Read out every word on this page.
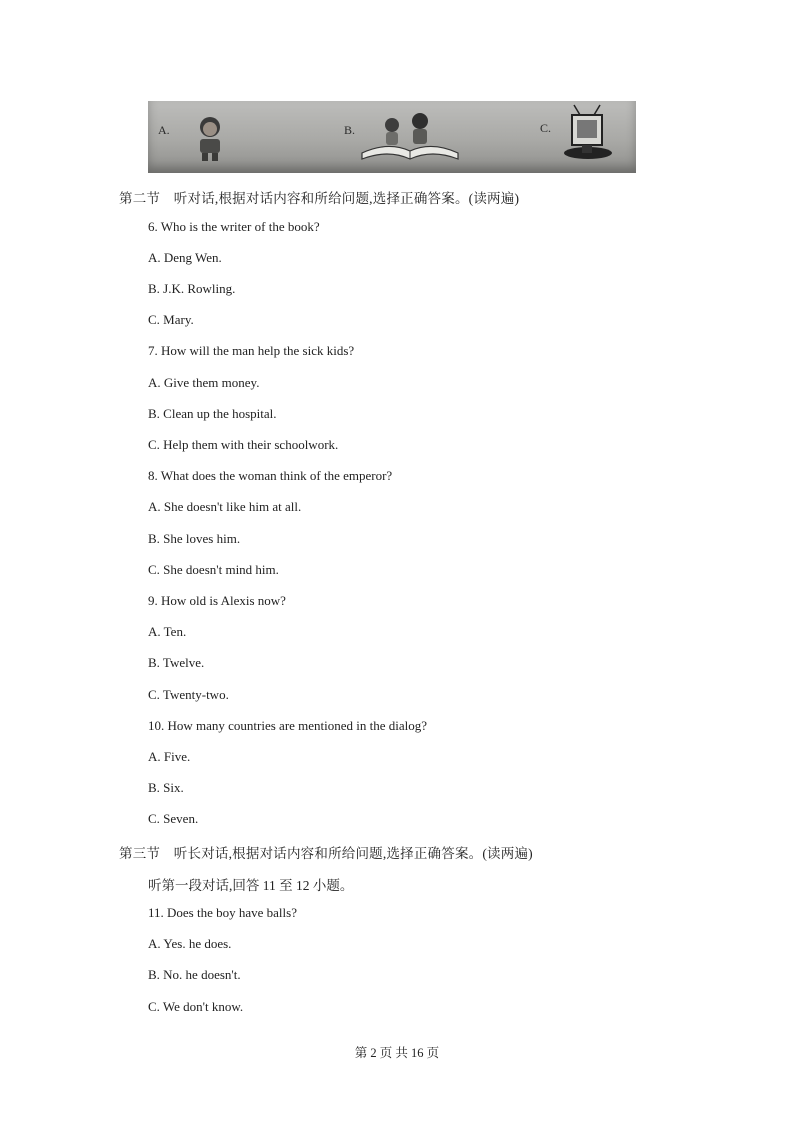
A.	B.	C.
第二节　听对话,根据对话内容和所给问题,选择正确答案。(读两遍)
6. Who is the writer of the book?
A. Deng Wen.
B. J.K. Rowling.
C. Mary.
7. How will the man help the sick kids?
A. Give them money.
B. Clean up the hospital.
C. Help them with their schoolwork.
8. What does the woman think of the emperor?
A. She doesn't like him at all.
B. She loves him.
C. She doesn't mind him.
9. How old is Alexis now?
A. Ten.
B. Twelve.
C. Twenty-two.
10. How many countries are mentioned in the dialog?
A. Five.
B. Six.
C. Seven.
第三节　听长对话,根据对话内容和所给问题,选择正确答案。(读两遍)
听第一段对话,回答 11 至 12 小题。
11. Does the boy have balls?
A. Yes. he does.
B. No. he doesn't.
C. We don't know.
第 2 页 共 16 页
